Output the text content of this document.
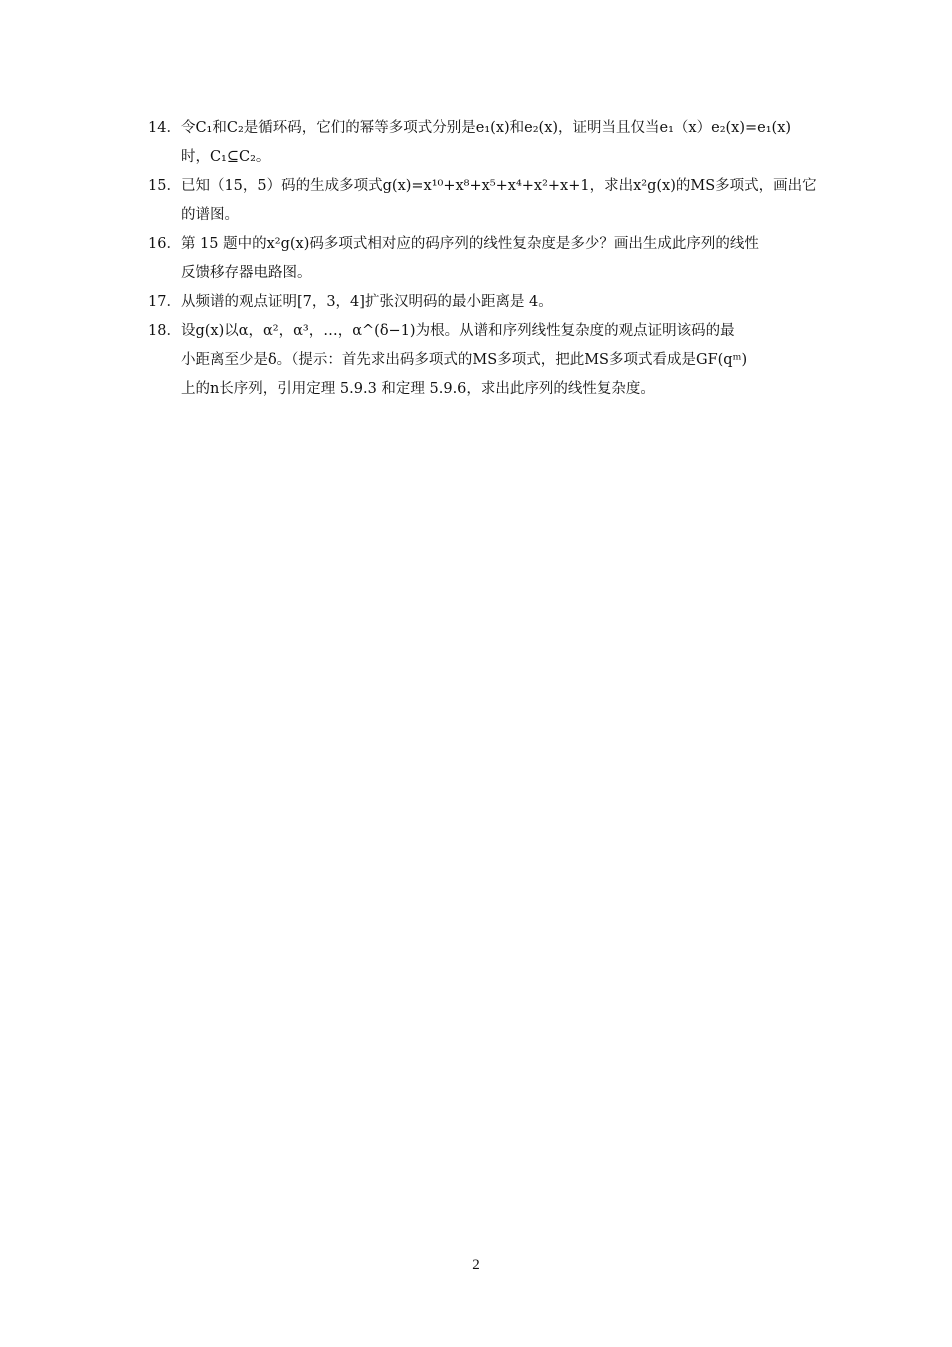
14． 令C₁和C₂是循环码，它们的幂等多项式分别是e₁(x)和e₂(x)，证明当且仅当e₁（x）e₂(x)=e₁(x)
时，C₁⊆C₂。
15． 已知（15，5）码的生成多项式g(x)=x¹⁰+x⁸+x⁵+x⁴+x²+x+1，求出x²g(x)的MS多项式，画出它
的谱图。
16． 第 15 题中的x²g(x)码多项式相对应的码序列的线性复杂度是多少？画出生成此序列的线性
反馈移存器电路图。
17． 从频谱的观点证明[7，3，4]扩张汉明码的最小距离是 4。
18． 设g(x)以α，α²，α³，…，α^(δ−1)为根。从谱和序列线性复杂度的观点证明该码的最
小距离至少是δ。（提示：首先求出码多项式的MS多项式，把此MS多项式看成是GF(qᵐ)
上的n长序列，引用定理 5.9.3 和定理 5.9.6，求出此序列的线性复杂度。
2
